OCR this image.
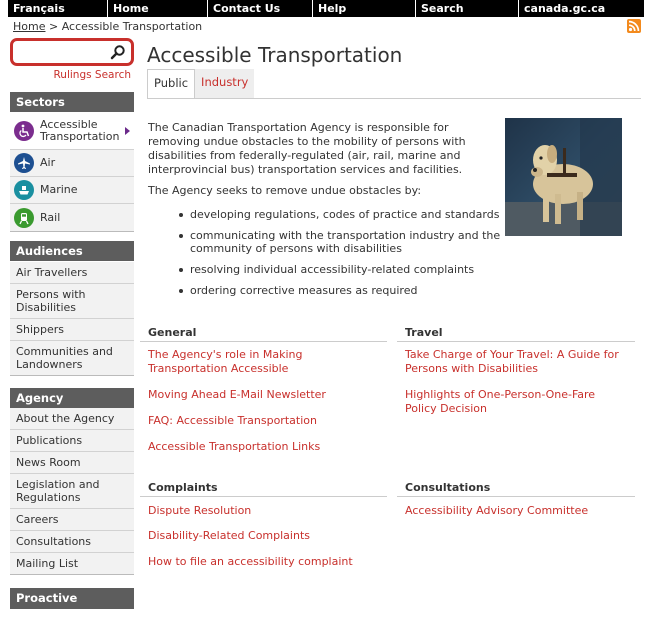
Français	Home	Contact Us	Help	Search	canada.gc.ca
Home > Accessible Transportation
Rulings Search
Sectors
Accessible Transportation
Air
Marine
Rail
Audiences
Air Travellers
Persons with Disabilities
Shippers
Communities and Landowners
Agency
About the Agency
Publications
News Room
Legislation and Regulations
Careers
Consultations
Mailing List
Proactive Disclosure
Accessible Transportation
Public	Industry

The Canadian Transportation Agency is responsible for removing undue obstacles to the mobility of persons with disabilities from federally-regulated (air, rail, marine and interprovincial bus) transportation services and facilities.

The Agency seeks to remove undue obstacles by:

developing regulations, codes of practice and standards
communicating with the transportation industry and the community of persons with disabilities
resolving individual accessibility-related complaints
ordering corrective measures as required
General
The Agency's role in Making Transportation Accessible
Moving Ahead E-Mail Newsletter
FAQ: Accessible Transportation
Accessible Transportation Links
Travel
Take Charge of Your Travel: A Guide for Persons with Disabilities
Highlights of One-Person-One-Fare Policy Decision
Complaints
Dispute Resolution
Disability-Related Complaints
How to file an accessibility complaint
Consultations
Accessibility Advisory Committee
